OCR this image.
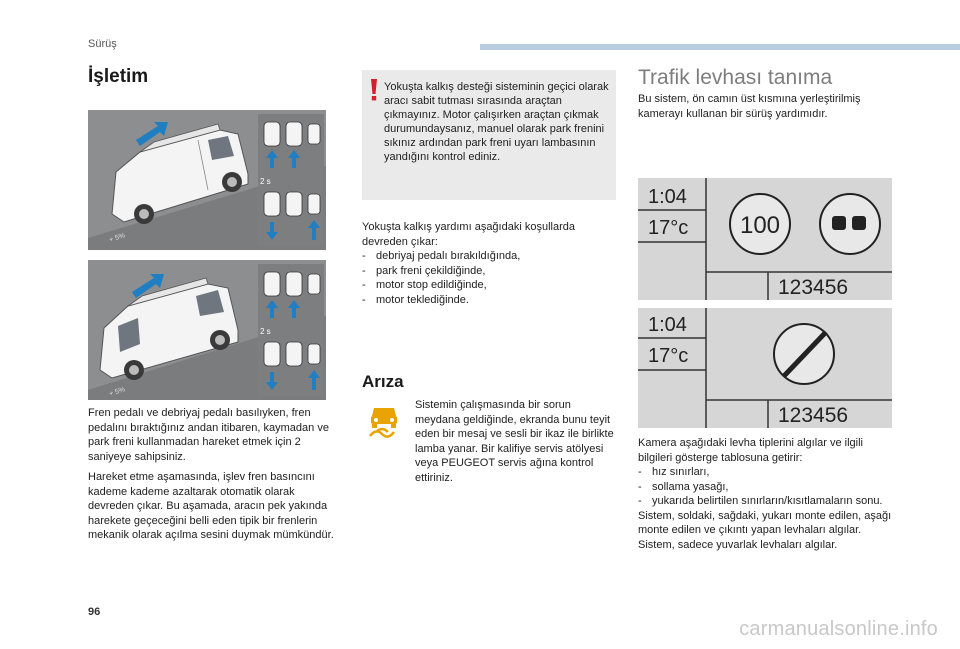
Sürüş
İşletim
+ 5%
2 s
+ 5%
2 s
Fren pedalı ve debriyaj pedalı basılıyken, fren pedalını bıraktığınız andan itibaren, kaymadan ve park freni kullanmadan hareket etmek için 2 saniyeye sahipsiniz.
Hareket etme aşamasında, işlev fren basıncını kademe kademe azaltarak otomatik olarak devreden çıkar. Bu aşamada, aracın pek yakında harekete geçeceğini belli eden tipik bir frenlerin mekanik olarak açılma sesini duymak mümkündür.
Yokuşta kalkış desteği sisteminin geçici olarak aracı sabit tutması sırasında araçtan çıkmayınız. Motor çalışırken araçtan çıkmak durumundaysanız, manuel olarak park frenini sıkınız ardından park freni uyarı lambasının yandığını kontrol ediniz.
Yokuşta kalkış yardımı aşağıdaki koşullarda devreden çıkar:
- debriyaj pedalı bırakıldığında,
- park freni çekildiğinde,
- motor stop edildiğinde,
- motor teklediğinde.
Arıza
Sistemin çalışmasında bir sorun meydana geldiğinde, ekranda bunu teyit eden bir mesaj ve sesli bir ikaz ile birlikte lamba yanar. Bir kalifiye servis atölyesi veya PEUGEOT servis ağına kontrol ettiriniz.
Trafik levhası tanıma
Bu sistem, ön camın üst kısmına yerleştirilmiş kamerayı kullanan bir sürüş yardımıdır.
1:04
17°c 100
123456
1:04
17°c
123456
Kamera aşağıdaki levha tiplerini algılar ve ilgili bilgileri gösterge tablosuna getirir:
- hız sınırları,
- sollama yasağı,
- yukarıda belirtilen sınırların/kısıtlamaların sonu.
Sistem, soldaki, sağdaki, yukarı monte edilen, aşağı monte edilen ve çıkıntı yapan levhaları algılar.
Sistem, sadece yuvarlak levhaları algılar.
96
carmanualsonline.info
